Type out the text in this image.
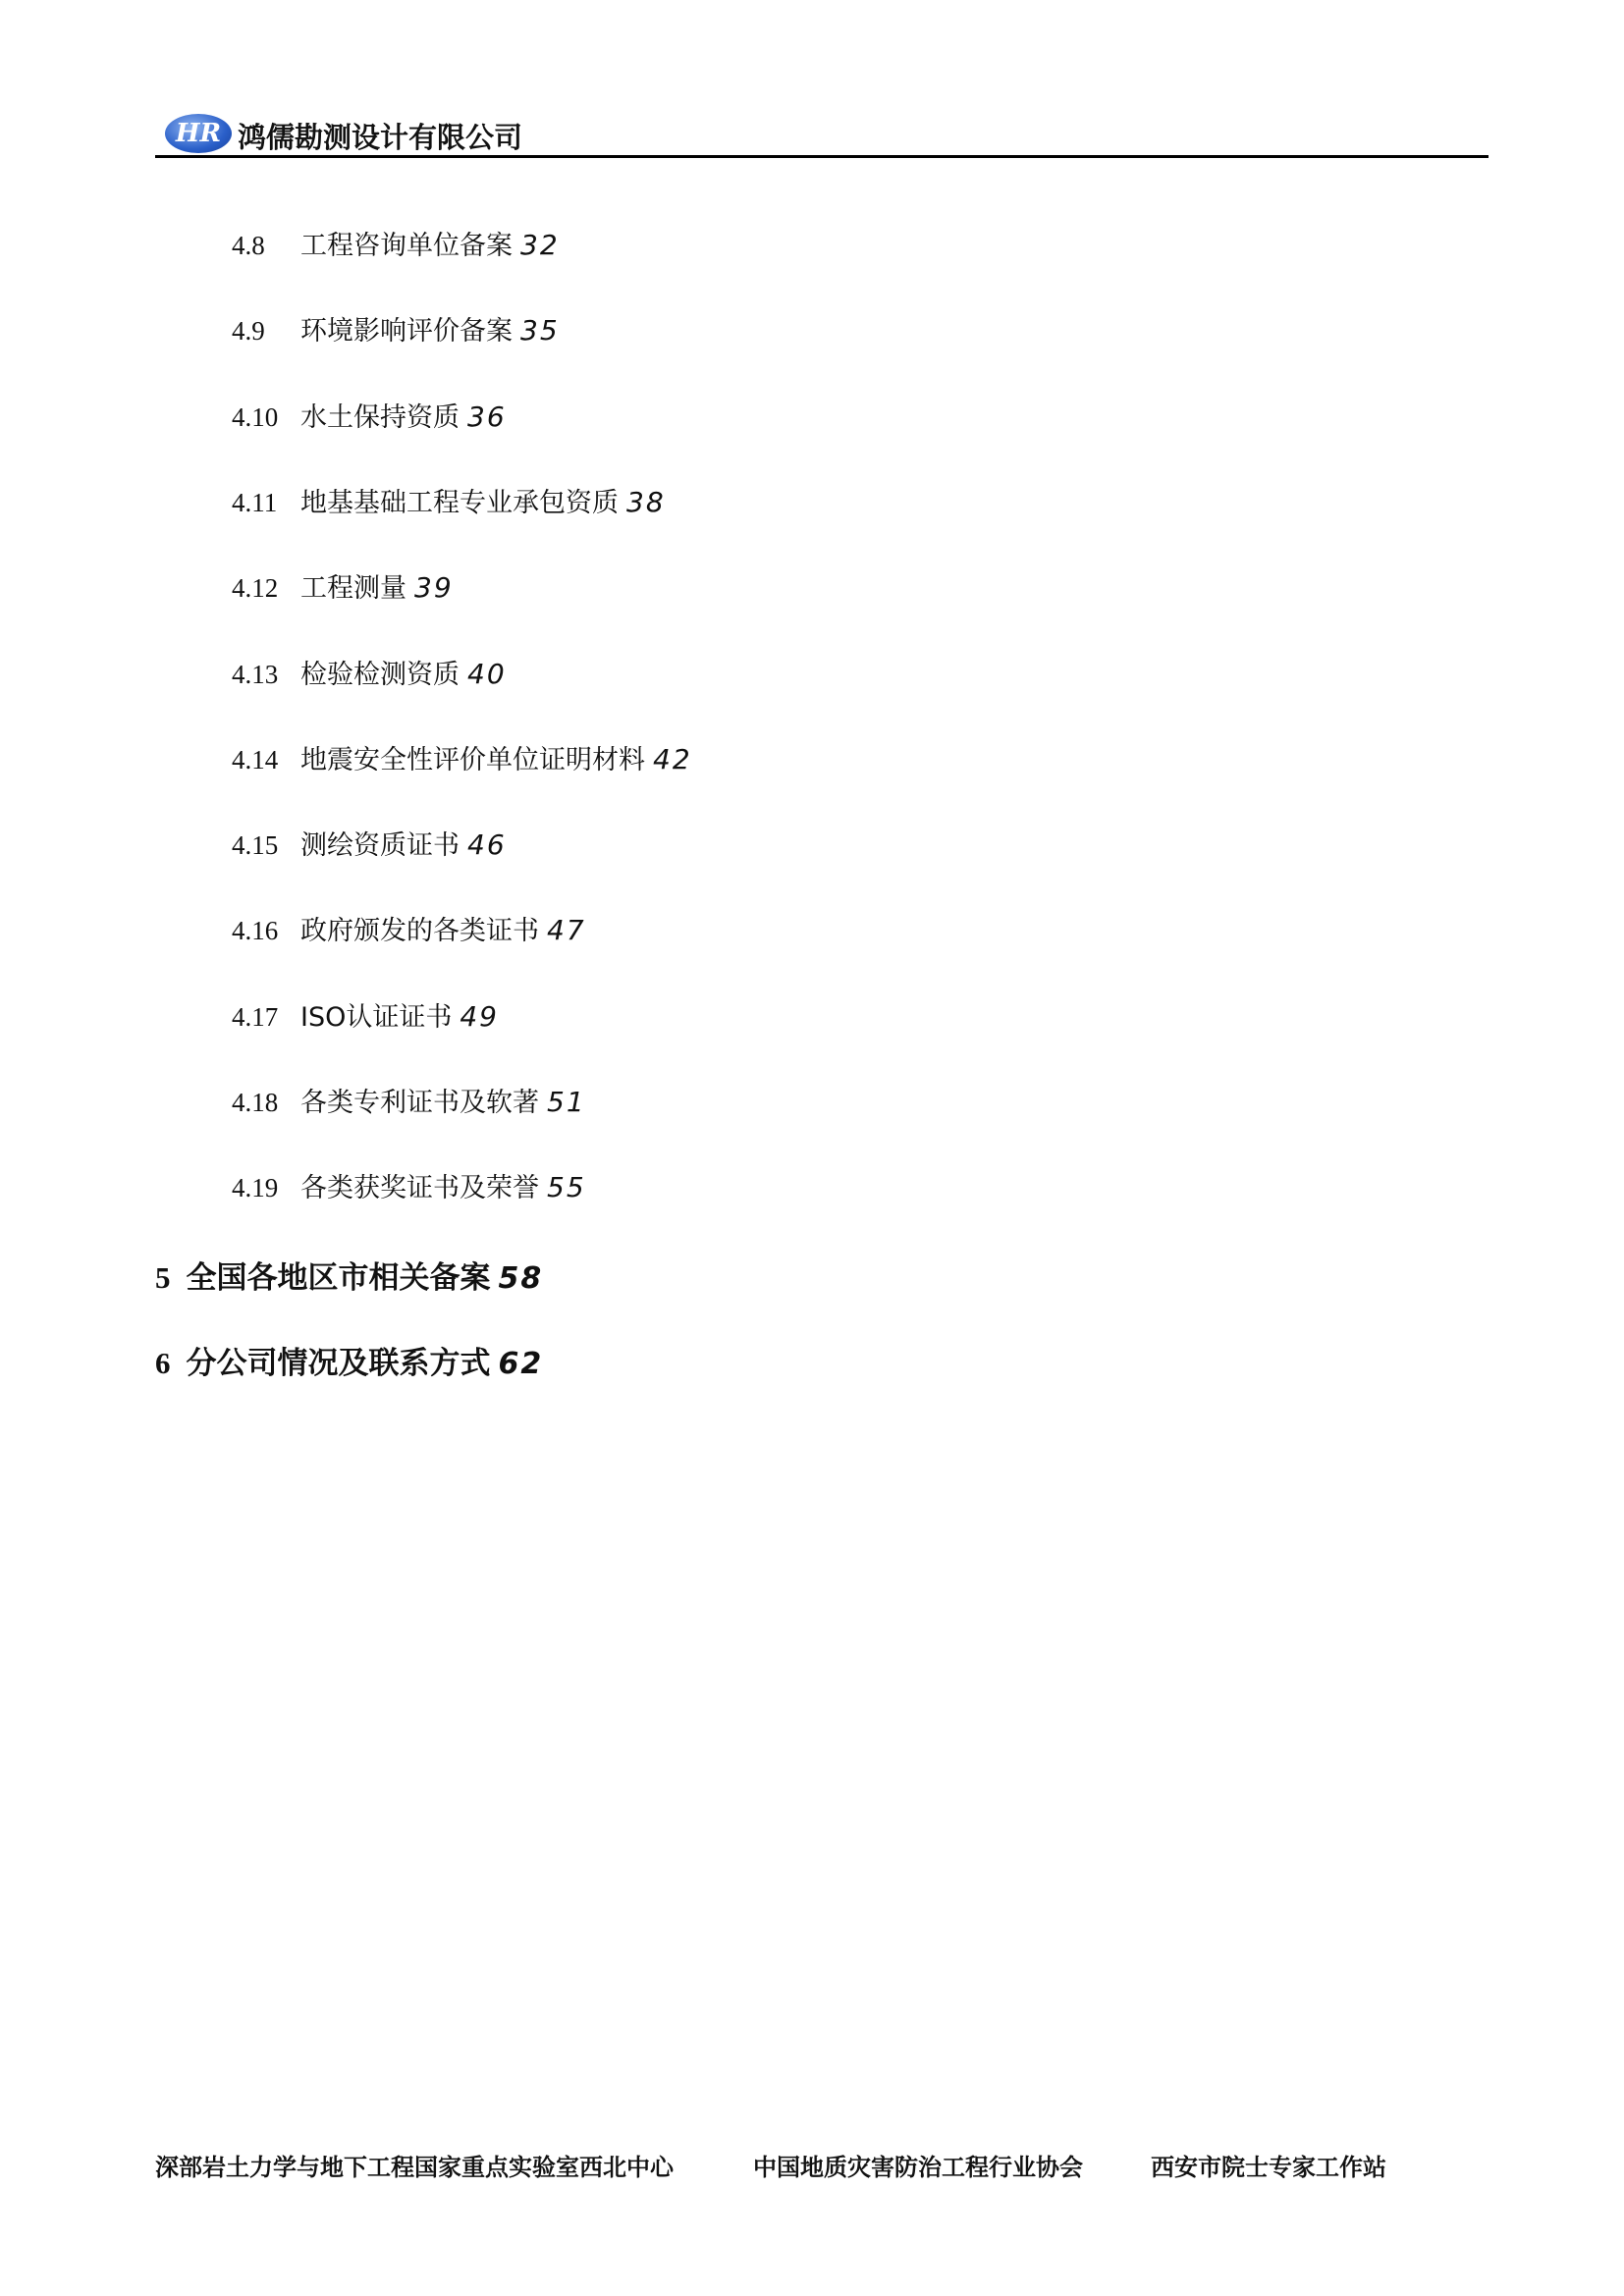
HR 鸿儒勘测设计有限公司
4.8	工程咨询单位备案 32
4.9	环境影响评价备案 35
4.10 水土保持资质 36
4.11 地基基础工程专业承包资质 38
4.12 工程测量 39
4.13 检验检测资质 40
4.14 地震安全性评价单位证明材料 42
4.15 测绘资质证书 46
4.16 政府颁发的各类证书 47
4.17 ISO认证证书 49
4.18 各类专利证书及软著 51
4.19 各类获奖证书及荣誉 55
5 全国各地区市相关备案 58
6 分公司情况及联系方式 62
深部岩土力学与地下工程国家重点实验室西北中心	中国地质灾害防治工程行业协会	西安市院士专家工作站
